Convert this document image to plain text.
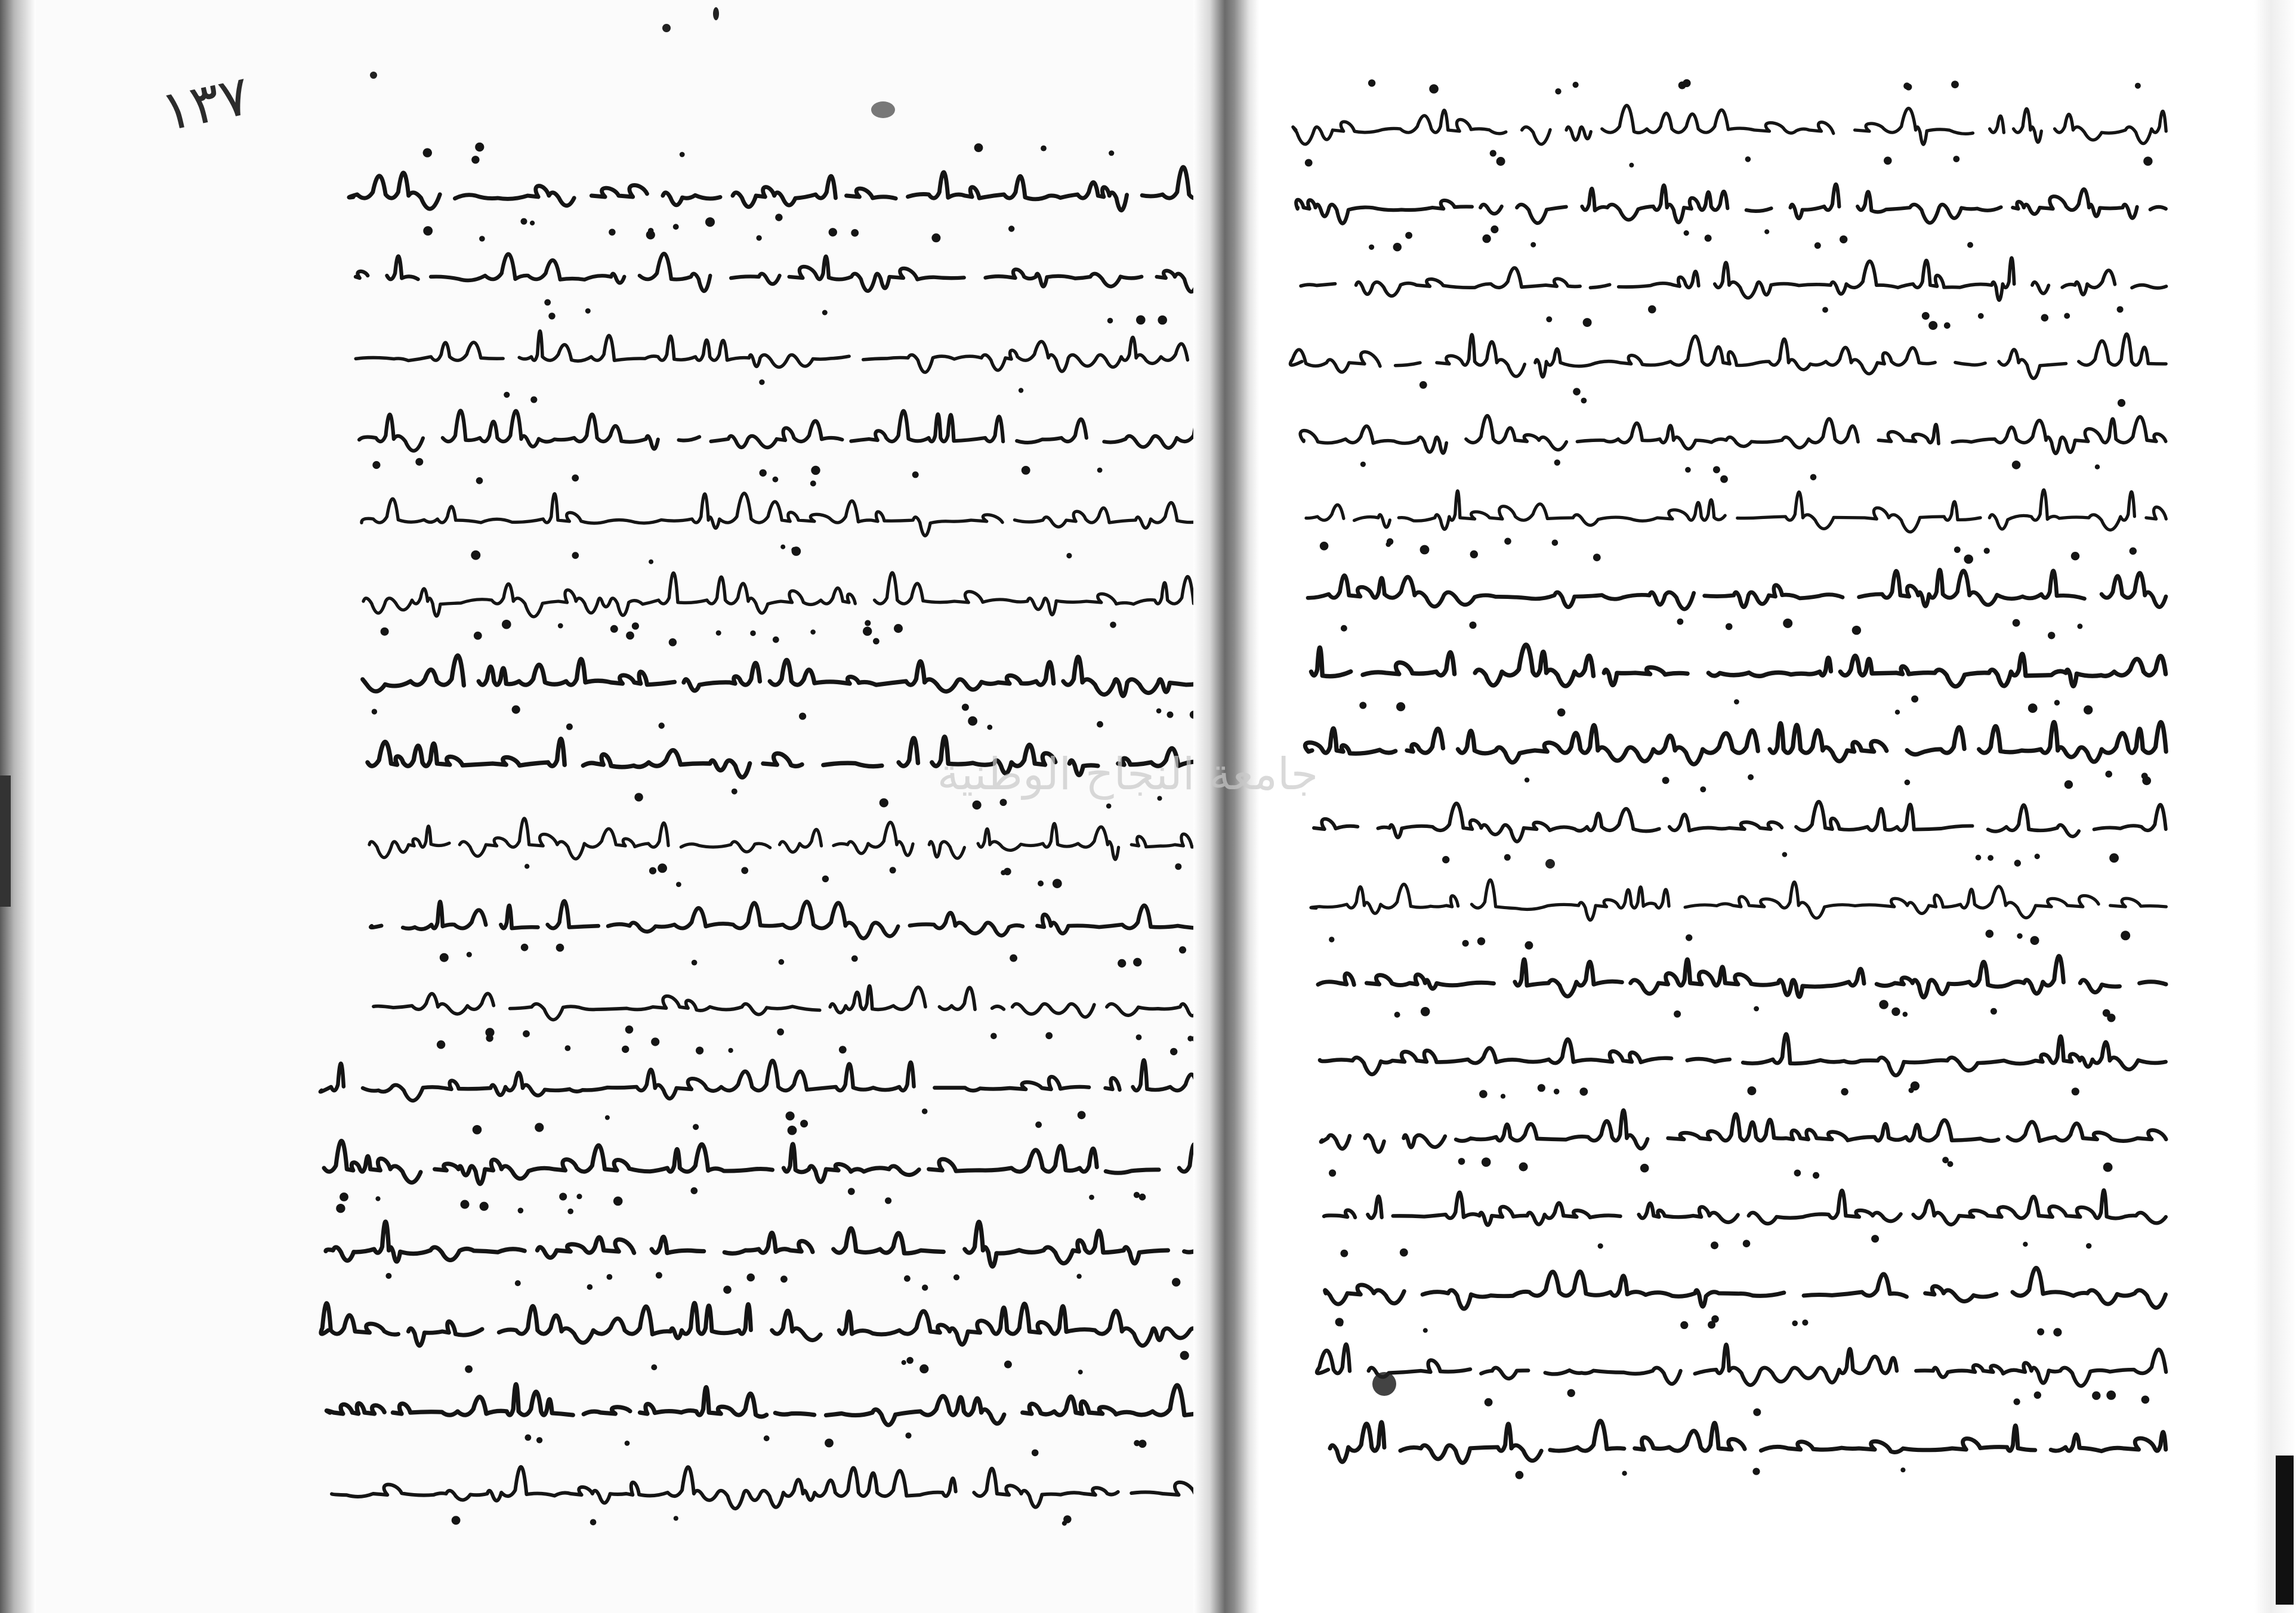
١٣٧
جامعة النجاح الوطنية
